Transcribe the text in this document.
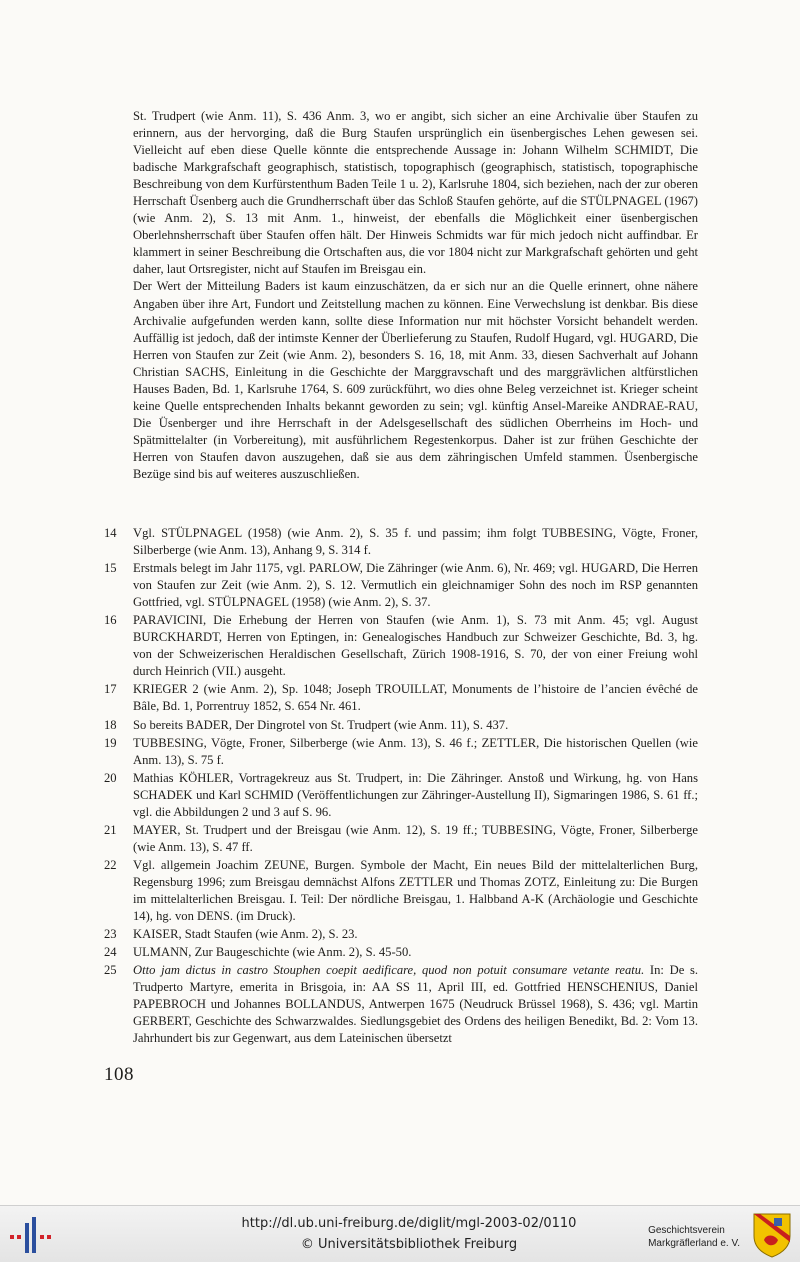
St. Trudpert (wie Anm. 11), S. 436 Anm. 3, wo er angibt, sich sicher an eine Archivalie über Staufen zu erinnern, aus der hervorging, daß die Burg Staufen ursprünglich ein üsenbergisches Lehen gewesen sei. Vielleicht auf eben diese Quelle könnte die entsprechende Aussage in: Johann Wilhelm SCHMIDT, Die badische Markgrafschaft geographisch, statistisch, topographisch (geographisch, statistisch, topographische Beschreibung von dem Kurfürstenthum Baden Teile 1 u. 2), Karlsruhe 1804, sich beziehen, nach der zur oberen Herrschaft Üsenberg auch die Grundherrschaft über das Schloß Staufen gehörte, auf die STÜLPNAGEL (1967) (wie Anm. 2), S. 13 mit Anm. 1., hinweist, der ebenfalls die Möglichkeit einer üsenbergischen Oberlehnsherrschaft über Staufen offen hält. Der Hinweis Schmidts war für mich jedoch nicht auffindbar. Er klammert in seiner Beschreibung die Ortschaften aus, die vor 1804 nicht zur Markgrafschaft gehörten und geht daher, laut Ortsregister, nicht auf Staufen im Breisgau ein.

Der Wert der Mitteilung Baders ist kaum einzuschätzen, da er sich nur an die Quelle erinnert, ohne nähere Angaben über ihre Art, Fundort und Zeitstellung machen zu können. Eine Verwechslung ist denkbar. Bis diese Archivalie aufgefunden werden kann, sollte diese Information nur mit höchster Vorsicht behandelt werden. Auffällig ist jedoch, daß der intimste Kenner der Überlieferung zu Staufen, Rudolf Hugard, vgl. HUGARD, Die Herren von Staufen zur Zeit (wie Anm. 2), besonders S. 16, 18, mit Anm. 33, diesen Sachverhalt auf Johann Christian SACHS, Einleitung in die Geschichte der Marggravschaft und des marggrävlichen altfürstlichen Hauses Baden, Bd. 1, Karlsruhe 1764, S. 609 zurückführt, wo dies ohne Beleg verzeichnet ist. Krieger scheint keine Quelle entsprechenden Inhalts bekannt geworden zu sein; vgl. künftig Ansel-Mareike ANDRAE-RAU, Die Üsenberger und ihre Herrschaft in der Adelsgesellschaft des südlichen Oberrheins im Hoch- und Spätmittelalter (in Vorbereitung), mit ausführlichem Regestenkorpus. Daher ist zur frühen Geschichte der Herren von Staufen davon auszugehen, daß sie aus dem zähringischen Umfeld stammen. Üsenbergische Bezüge sind bis auf weiteres auszuschließen.

14	Vgl. STÜLPNAGEL (1958) (wie Anm. 2), S. 35 f. und passim; ihm folgt TUBBESING, Vögte, Froner, Silberberge (wie Anm. 13), Anhang 9, S. 314 f.
15	Erstmals belegt im Jahr 1175, vgl. PARLOW, Die Zähringer (wie Anm. 6), Nr. 469; vgl. HUGARD, Die Herren von Staufen zur Zeit (wie Anm. 2), S. 12. Vermutlich ein gleichnamiger Sohn des noch im RSP genannten Gottfried, vgl. STÜLPNAGEL (1958) (wie Anm. 2), S. 37.
16	PARAVICINI, Die Erhebung der Herren von Staufen (wie Anm. 1), S. 73 mit Anm. 45; vgl. August BURCKHARDT, Herren von Eptingen, in: Genealogisches Handbuch zur Schweizer Geschichte, Bd. 3, hg. von der Schweizerischen Heraldischen Gesellschaft, Zürich 1908-1916, S. 70, der von einer Freiung wohl durch Heinrich (VII.) ausgeht.
17	KRIEGER 2 (wie Anm. 2), Sp. 1048; Joseph TROUILLAT, Monuments de l’histoire de l’ancien évêché de Bâle, Bd. 1, Porrentruy 1852, S. 654 Nr. 461.
18	So bereits BADER, Der Dingrotel von St. Trudpert (wie Anm. 11), S. 437.
19	TUBBESING, Vögte, Froner, Silberberge (wie Anm. 13), S. 46 f.; ZETTLER, Die historischen Quellen (wie Anm. 13), S. 75 f.
20	Mathias KÖHLER, Vortragekreuz aus St. Trudpert, in: Die Zähringer. Anstoß und Wirkung, hg. von Hans SCHADEK und Karl SCHMID (Veröffentlichungen zur Zähringer-Austellung II), Sigmaringen 1986, S. 61 ff.; vgl. die Abbildungen 2 und 3 auf S. 96.
21	MAYER, St. Trudpert und der Breisgau (wie Anm. 12), S. 19 ff.; TUBBESING, Vögte, Froner, Silberberge (wie Anm. 13), S. 47 ff.
22	Vgl. allgemein Joachim ZEUNE, Burgen. Symbole der Macht, Ein neues Bild der mittelalterlichen Burg, Regensburg 1996; zum Breisgau demnächst Alfons ZETTLER und Thomas ZOTZ, Einleitung zu: Die Burgen im mittelalterlichen Breisgau. I. Teil: Der nördliche Breisgau, 1. Halbband A-K (Archäologie und Geschichte 14), hg. von DENS. (im Druck).
23	KAISER, Stadt Staufen (wie Anm. 2), S. 23.
24	ULMANN, Zur Baugeschichte (wie Anm. 2), S. 45-50.
25	Otto jam dictus in castro Stouphen coepit aedificare, quod non potuit consumare vetante reatu. In: De s. Trudperto Martyre, emerita in Brisgoia, in: AA SS 11, April III, ed. Gottfried HENSCHENIUS, Daniel PAPEBROCH und Johannes BOLLANDUS, Antwerpen 1675 (Neudruck Brüssel 1968), S. 436; vgl. Martin GERBERT, Geschichte des Schwarzwaldes. Siedlungsgebiet des Ordens des heiligen Benedikt, Bd. 2: Vom 13. Jahrhundert bis zur Gegenwart, aus dem Lateinischen übersetzt
108
http://dl.ub.uni-freiburg.de/diglit/mgl-2003-02/0110
© Universitätsbibliothek Freiburg
Geschichtsverein
Markgräflerland e. V.
